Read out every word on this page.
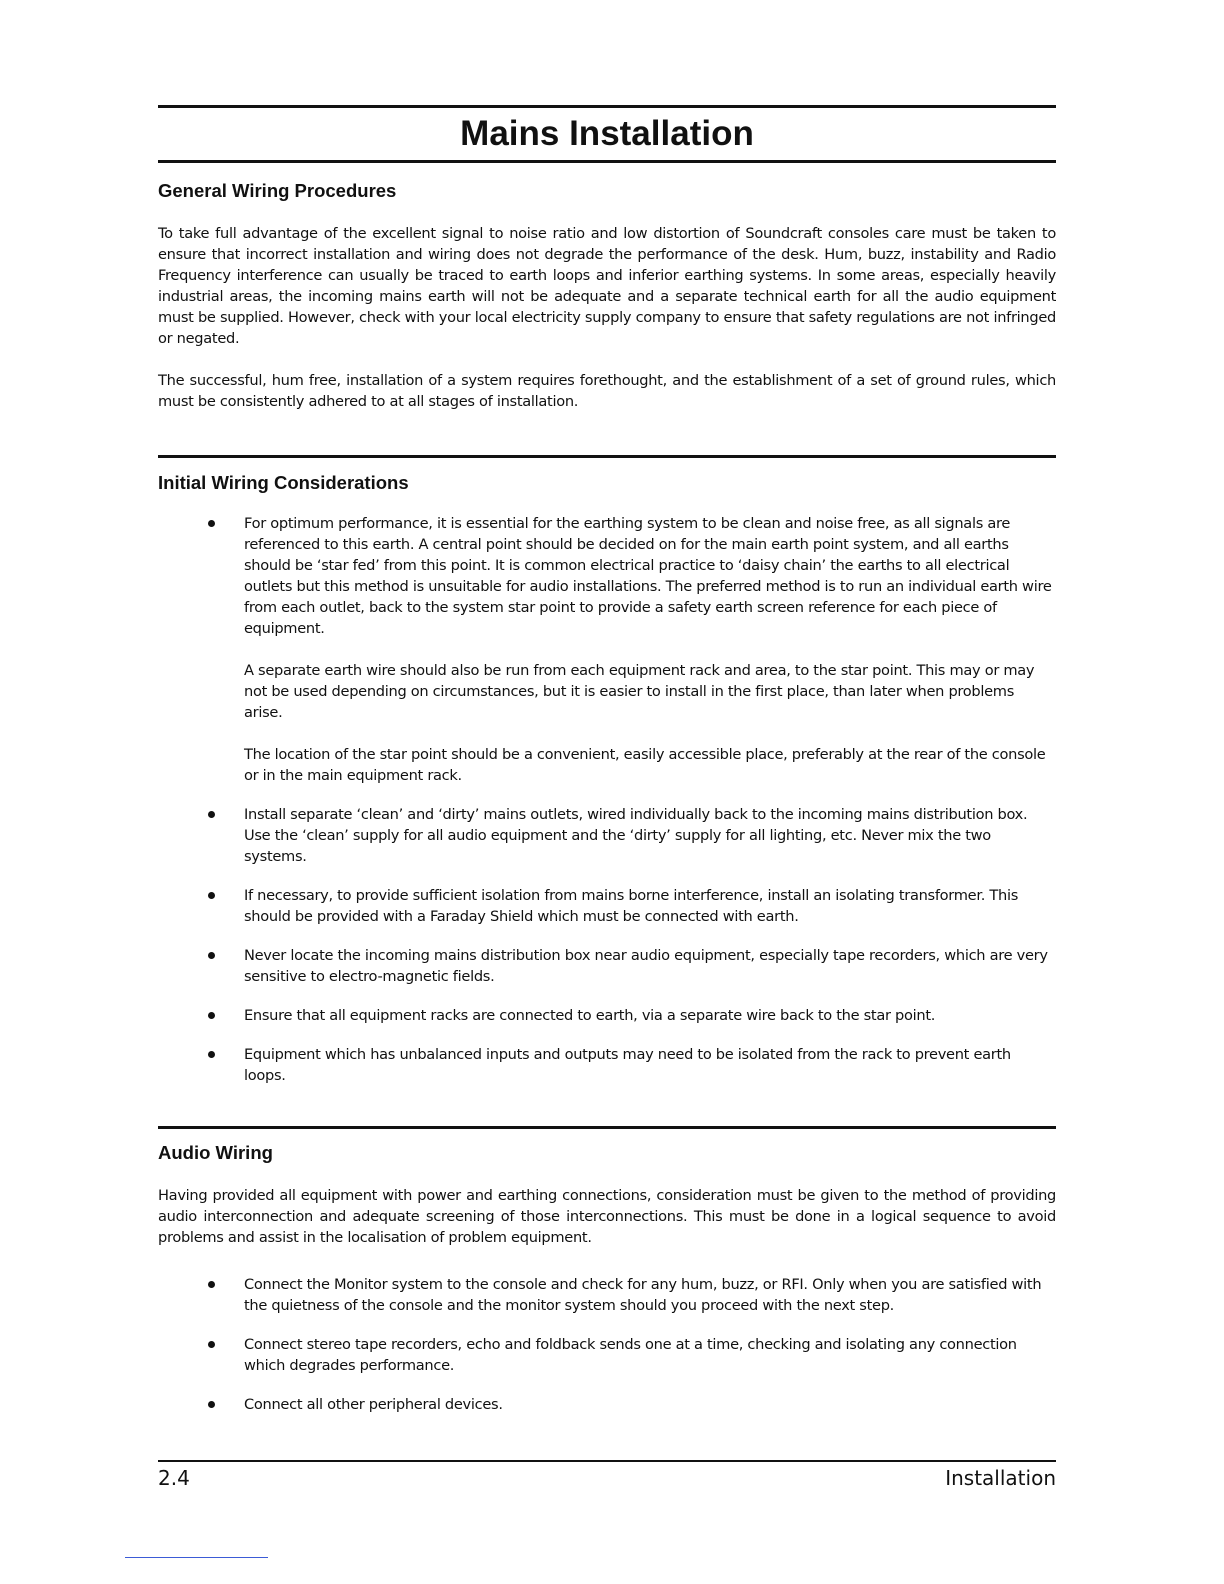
Mains Installation
General Wiring Procedures

To take full advantage of the excellent signal to noise ratio and low distortion of Soundcraft consoles care must be taken to ensure that incorrect installation and wiring does not degrade the performance of the desk. Hum, buzz, instability and Radio Frequency interference can usually be traced to earth loops and inferior earthing systems. In some areas, especially heavily industrial areas, the incoming mains earth will not be adequate and a separate technical earth for all the audio equipment must be supplied. However, check with your local electricity supply company to ensure that safety regulations are not infringed or negated.

The successful, hum free, installation of a system requires forethought, and the establishment of a set of ground rules, which must be consistently adhered to at all stages of installation.

Initial Wiring Considerations

For optimum performance, it is essential for the earthing system to be clean and noise free, as all signals are referenced to this earth. A central point should be decided on for the main earth point system, and all earths should be ‘star fed’ from this point. It is common electrical practice to ‘daisy chain’ the earths to all electrical outlets but this method is unsuitable for audio installations. The preferred method is to run an individual earth wire from each outlet, back to the system star point to provide a safety earth screen reference for each piece of equipment.

A separate earth wire should also be run from each equipment rack and area, to the star point. This may or may not be used depending on circumstances, but it is easier to install in the first place, than later when problems arise.

The location of the star point should be a convenient, easily accessible place, preferably at the rear of the console or in the main equipment rack.

Install separate ‘clean’ and ‘dirty’ mains outlets, wired individually back to the incoming mains distribution box. Use the ‘clean’ supply for all audio equipment and the ‘dirty’ supply for all lighting, etc. Never mix the two systems.

If necessary, to provide sufficient isolation from mains borne interference, install an isolating transformer. This should be provided with a Faraday Shield which must be connected with earth.

Never locate the incoming mains distribution box near audio equipment, especially tape recorders, which are very sensitive to electro-magnetic fields.

Ensure that all equipment racks are connected to earth, via a separate wire back to the star point.

Equipment which has unbalanced inputs and outputs may need to be isolated from the rack to prevent earth loops.

Audio Wiring

Having provided all equipment with power and earthing connections, consideration must be given to the method of providing audio interconnection and adequate screening of those interconnections. This must be done in a logical sequence to avoid problems and assist in the localisation of problem equipment.

Connect the Monitor system to the console and check for any hum, buzz, or RFI. Only when you are satisfied with the quietness of the console and the monitor system should you proceed with the next step.

Connect stereo tape recorders, echo and foldback sends one at a time, checking and isolating any connection which degrades performance.

Connect all other peripheral devices.

2.4	Installation
